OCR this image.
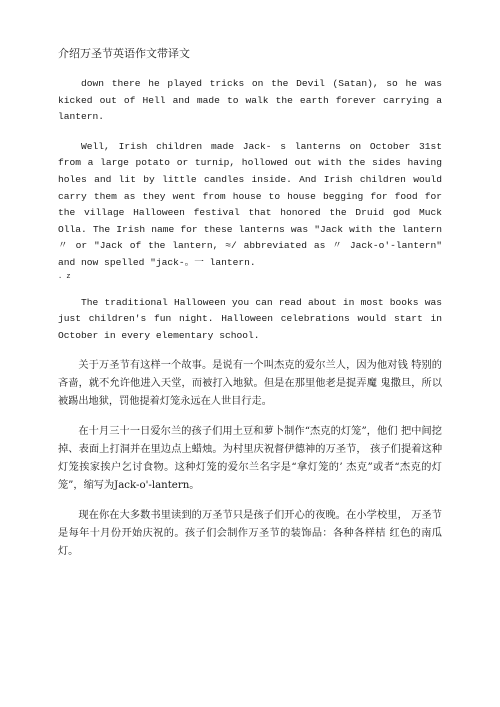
介绍万圣节英语作文带译文

down there he played tricks on the Devil (Satan), so he was kicked out of Hell and made to walk the earth forever carrying a lantern.

Well, Irish children made Jack- s lanterns on October 31st from a large potato or turnip, hollowed out with the sides having holes and lit by little candles inside. And Irish children would carry them as they went from house to house begging for food for the village Halloween festival that honored the Druid god Muck Olla. The Irish name for these lanterns was "Jack with the lantern〃 or "Jack of the lantern, ≈/ abbreviated as 〃 Jack-o'-lantern" and now spelled "jack-。一 lantern.
. z

The traditional Halloween you can read about in most books was just children's fun night. Halloween celebrations would start in October in every elementary school.

关于万圣节有这样一个故事。是说有一个叫杰克的爱尔兰人，因为他对钱 特别的吝啬，就不允许他进入天堂，而被打入地狱。但是在那里他老是捉弄魔 鬼撒旦，所以被踢出地狱，罚他提着灯笼永远在人世目行走。

在十月三十一日爱尔兰的孩子们用土豆和萝卜制作“杰克的灯笼”，他们 把中间挖掉、表面上打洞并在里边点上蜡烛。为村里庆祝督伊德神的万圣节， 孩子们提着这种灯笼挨家挨户乞讨食物。这种灯笼的爱尔兰名字是“拿灯笼的’ 杰克”或者“杰克的灯笼”，缩写为Jack-o'-lantern。

现在你在大多数书里读到的万圣节只是孩子们开心的夜晚。在小学校里， 万圣节是每年十月份开始庆祝的。孩子们会制作万圣节的装饰品：各种各样桔 红色的南瓜灯。
